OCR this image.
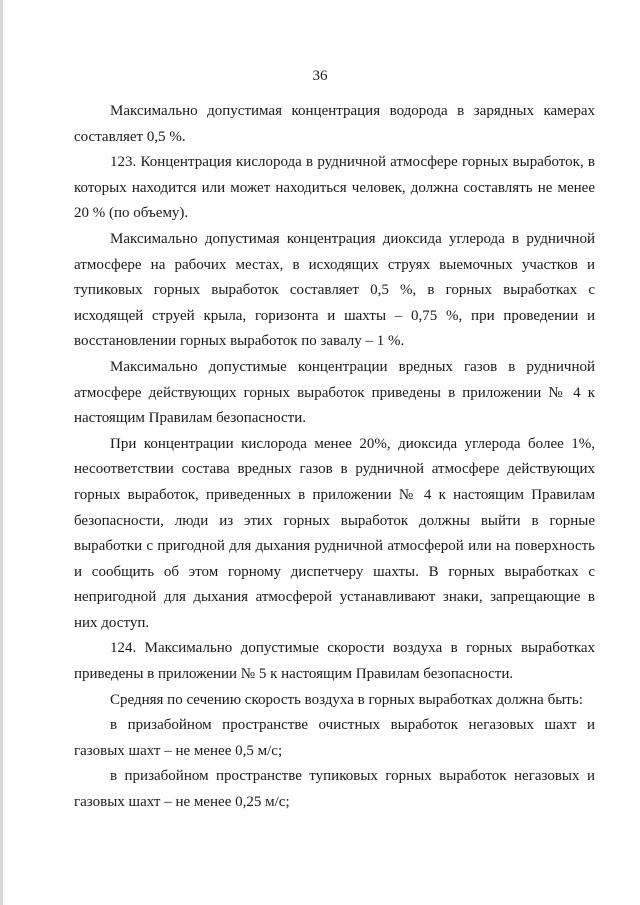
36

Максимально допустимая концентрация водорода в зарядных камерах составляет 0,5 %.

123. Концентрация кислорода в рудничной атмосфере горных выработок, в которых находится или может находиться человек, должна составлять не менее 20 % (по объему).

Максимально допустимая концентрация диоксида углерода в рудничной атмосфере на рабочих местах, в исходящих струях выемочных участков и тупиковых горных выработок составляет 0,5 %, в горных выработках с исходящей струей крыла, горизонта и шахты – 0,75 %, при проведении и восстановлении горных выработок по завалу – 1 %.

Максимально допустимые концентрации вредных газов в рудничной атмосфере действующих горных выработок приведены в приложении № 4 к настоящим Правилам безопасности.

При концентрации кислорода менее 20%, диоксида углерода более 1%, несоответствии состава вредных газов в рудничной атмосфере действующих горных выработок, приведенных в приложении № 4 к настоящим Правилам безопасности, люди из этих горных выработок должны выйти в горные выработки с пригодной для дыхания рудничной атмосферой или на поверхность и сообщить об этом горному диспетчеру шахты. В горных выработках с непригодной для дыхания атмосферой устанавливают знаки, запрещающие в них доступ.

124. Максимально допустимые скорости воздуха в горных выработках приведены в приложении № 5 к настоящим Правилам безопасности.

Средняя по сечению скорость воздуха в горных выработках должна быть:

в призабойном пространстве очистных выработок негазовых шахт и газовых шахт – не менее 0,5 м/с;

в призабойном пространстве тупиковых горных выработок негазовых и газовых шахт – не менее 0,25 м/с;
